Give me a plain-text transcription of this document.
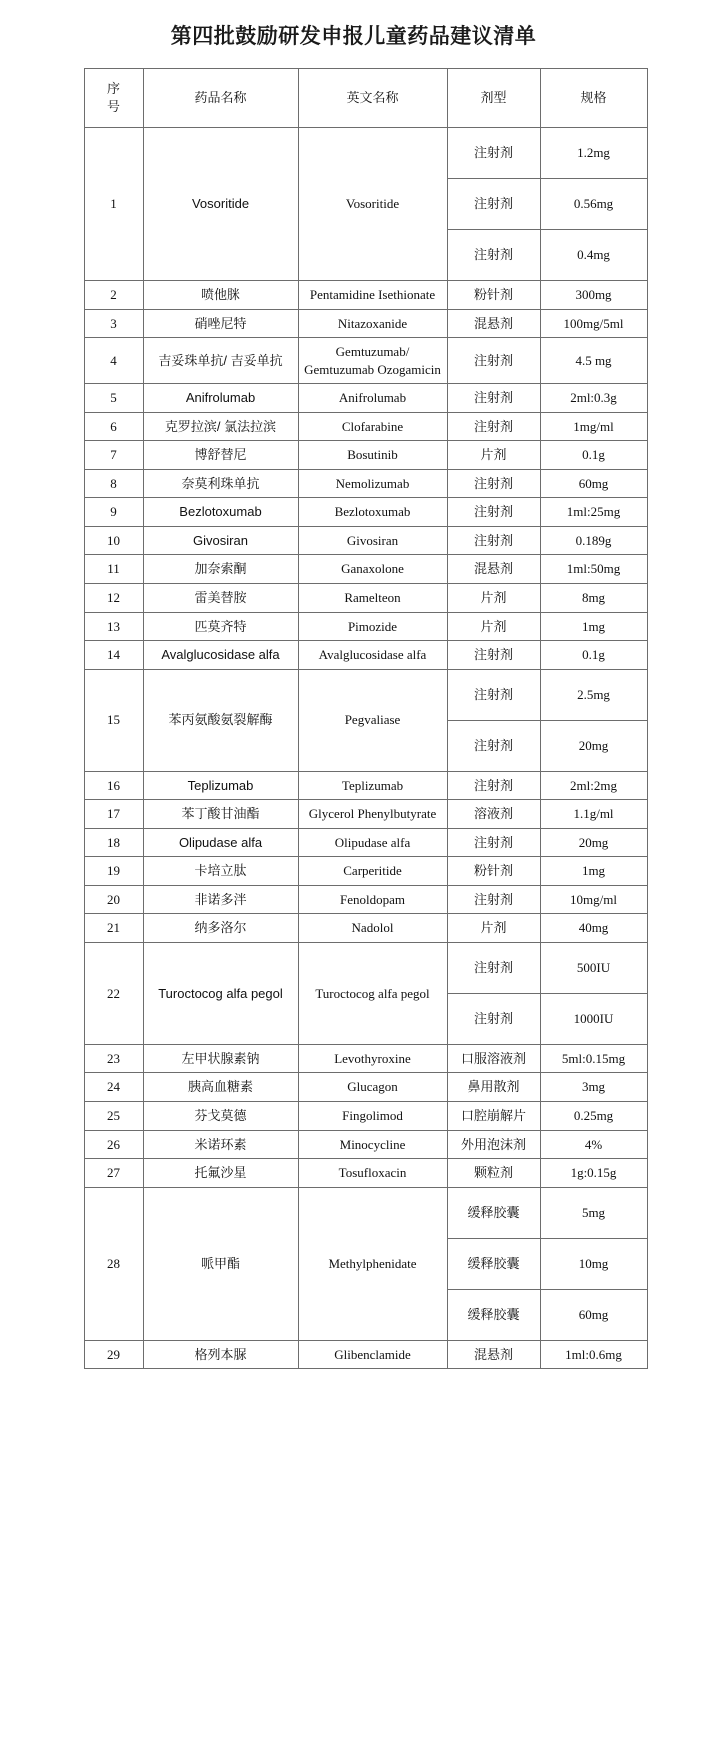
第四批鼓励研发申报儿童药品建议清单
序
号	药品名称	英文名称	剂型	规格
1	Vosoritide	Vosoritide	注射剂	1.2mg
			注射剂	0.56mg
			注射剂	0.4mg
2	喷他脒	Pentamidine Isethionate	粉针剂	300mg
3	硝唑尼特	Nitazoxanide	混悬剂	100mg/5ml
4	吉妥珠单抗/ 吉妥单抗	Gemtuzumab/ Gemtuzumab Ozogamicin	注射剂	4.5 mg
5	Anifrolumab	Anifrolumab	注射剂	2ml:0.3g
6	克罗拉滨/ 氯法拉滨	Clofarabine	注射剂	1mg/ml
7	博舒替尼	Bosutinib	片剂	0.1g
8	奈莫利珠单抗	Nemolizumab	注射剂	60mg
9	Bezlotoxumab	Bezlotoxumab	注射剂	1ml:25mg
10	Givosiran	Givosiran	注射剂	0.189g
11	加奈索酮	Ganaxolone	混悬剂	1ml:50mg
12	雷美替胺	Ramelteon	片剂	8mg
13	匹莫齐特	Pimozide	片剂	1mg
14	Avalglucosidase alfa	Avalglucosidase alfa	注射剂	0.1g
15	苯丙氨酸氨裂解酶	Pegvaliase	注射剂	2.5mg
			注射剂	20mg
16	Teplizumab	Teplizumab	注射剂	2ml:2mg
17	苯丁酸甘油酯	Glycerol Phenylbutyrate	溶液剂	1.1g/ml
18	Olipudase alfa	Olipudase alfa	注射剂	20mg
19	卡培立肽	Carperitide	粉针剂	1mg
20	非诺多泮	Fenoldopam	注射剂	10mg/ml
21	纳多洛尔	Nadolol	片剂	40mg
22	Turoctocog alfa pegol	Turoctocog alfa pegol	注射剂	500IU
			注射剂	1000IU
23	左甲状腺素钠	Levothyroxine	口服溶液剂	5ml:0.15mg
24	胰高血糖素	Glucagon	鼻用散剂	3mg
25	芬戈莫德	Fingolimod	口腔崩解片	0.25mg
26	米诺环素	Minocycline	外用泡沫剂	4%
27	托氟沙星	Tosufloxacin	颗粒剂	1g:0.15g
28	哌甲酯	Methylphenidate	缓释胶囊	5mg
			缓释胶囊	10mg
			缓释胶囊	60mg
29	格列本脲	Glibenclamide	混悬剂	1ml:0.6mg
